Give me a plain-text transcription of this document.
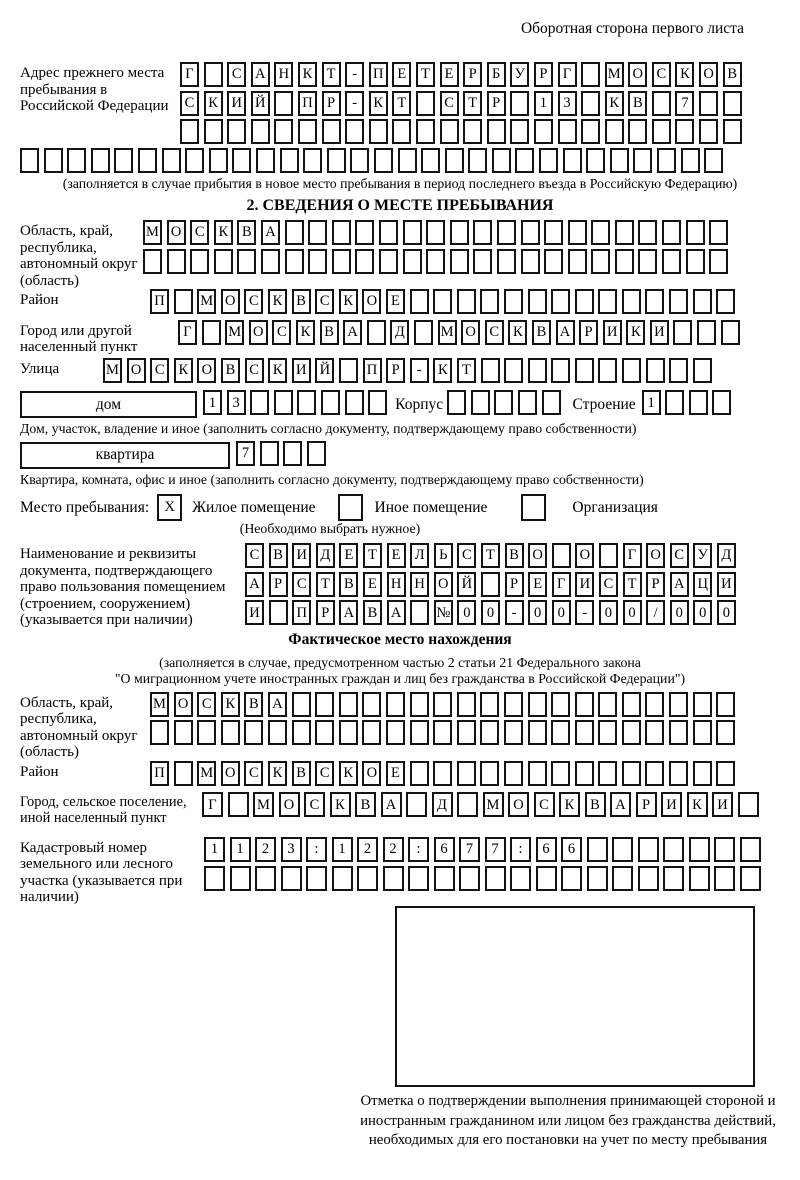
Оборотная сторона первого листа
Адрес прежнего места пребывания в Российской Федерации
Г	С А Н К Т	-	П Е	Т	Е	Р	Б У Р	Г	М О С К О В
С К И Й	П Р	-	К Т	С Т	Р	1	3	К В	7
(заполняется в случае прибытия в новое место пребывания в период последнего въезда в Российскую Федерацию)
2. СВЕДЕНИЯ О МЕСТЕ ПРЕБЫВАНИЯ
Область, край, республика, автономный округ (область)
М О С К В А
Район	П М О С К В С К О Е
Город или другой населенный пункт
Г	М О С К В А	Д	М О С К В А Р И К И
Улица	М О С К О В С К И Й	П Р	-	К Т
дом	1	3	Корпус	Строение 1
Дом, участок, владение и иное (заполнить согласно документу, подтверждающему право собственности)
квартира	7
Квартира, комната, офис и иное (заполнить согласно документу, подтверждающему право собственности)
Место пребывания:	X	Жилое помещение	Иное помещение	Организация
(Необходимо выбрать нужное)
Наименование и реквизиты документа, подтверждающего право пользования помещением (строением, сооружением) (указывается при наличии)
С В И Д Е	Т	Е Л	Ь	С Т В О	О	Г О С У Д
А Р	С Т В Е Н Н О Й	Р	Е	Г И С Т	Р А Ц И
И	П Р А В А № 0	0	-	0	0	-	0	0	/	0	0	0
Фактическое место нахождения
(заполняется в случае, предусмотренном частью 2 статьи 21 Федерального закона
"О миграционном учете иностранных граждан и лиц без гражданства в Российской Федерации")
Область, край, республика, автономный округ (область)
М О С К В А
Район	П М О С К В С К О Е
Город, сельское поселение, иной населенный пункт
Г	М О	С	К	В	А	Д	М О	С	К	В	А	Р	И	К	И
Кадастровый номер земельного или лесного участка (указывается при наличии)
1	1	2	3	:	1	2	2	:	6	7	7	:	6	6
Отметка о подтверждении выполнения принимающей стороной и иностранным гражданином или лицом без гражданства действий, необходимых для его постановки на учет по месту пребывания
